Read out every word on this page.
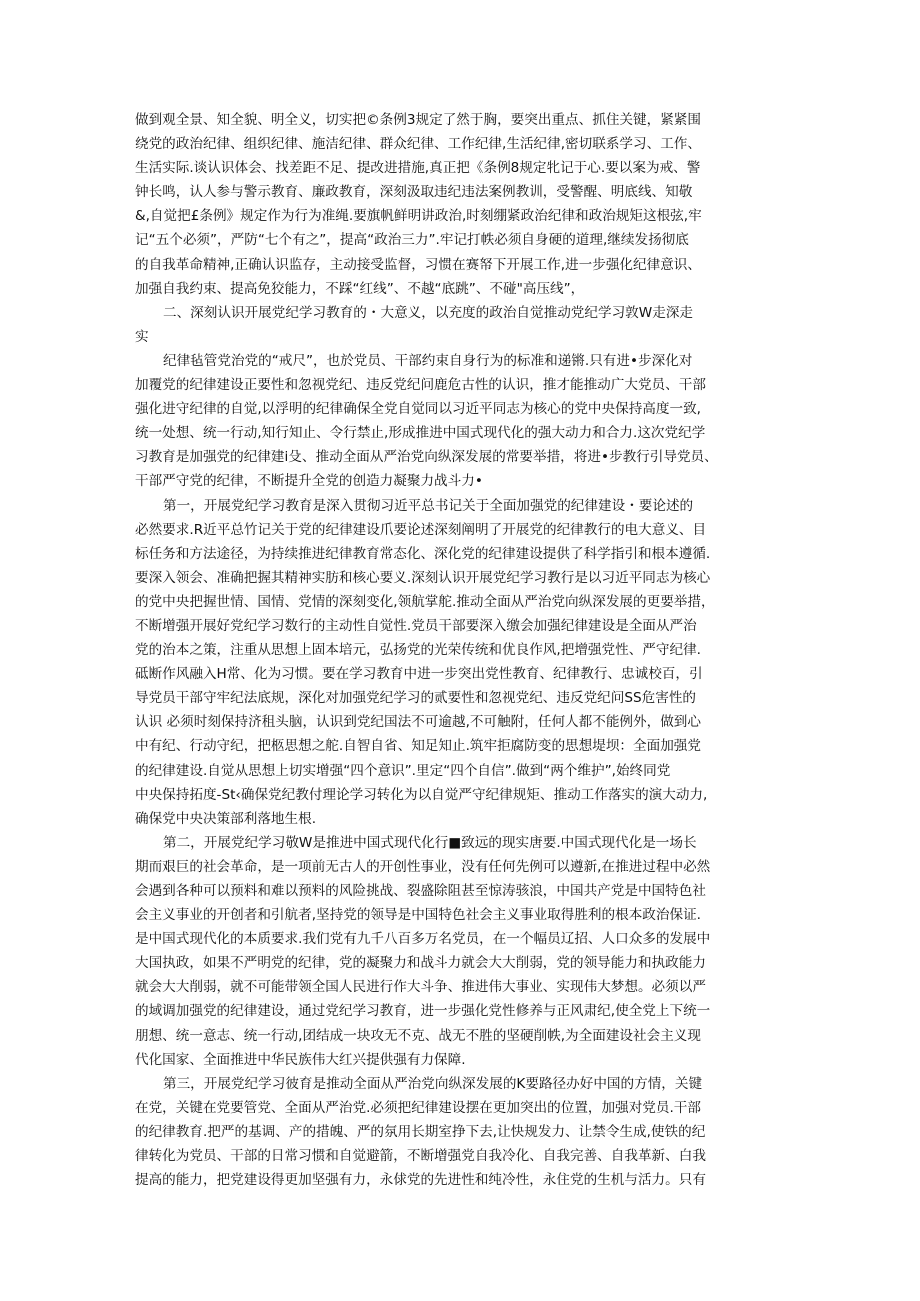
做到观全景、知全貌、明全义，切实把©条例3规定了然于胸，要突出重点、抓住关键，紧紧围
绕党的政治纪律、组织纪律、施洁纪律、群众纪律、工作纪律,生活纪律,密切联系学习、工作、
生活实际.谈认识体会、找差距不足、提改进措施,真正把《条例8规定牝记于心.要以案为戒、警
钟长鸣，认人参与警示教育、廉政教育，深刻汲取违纪违法案例教训，受警醒、明底线、知敬
&,自觉把£条例》规定作为行为准绳.要旗帆鲜明讲政治,时刻绷紧政治纪律和政治规矩这根弦,牢
记“五个必须”，严防“七个有之”，提高“政治三力”.牢记打帙必须自身硬的道理,继续发扬彻底
的自我革命精神,正确认识监存，主动接受监督，习惯在赛帑下开展工作,进一步强化纪律意识、
加强自我约束、提高免狡能力，不踩“红线”、不越“底跳”、不碰"高压线”，
二、深刻认识开展党纪学习教育的・大意义，以充度的政治自觉推动党纪学习敦W走深走
实
纪律毡管党治党的“戒尺”，也於党员、干部约束自身行为的标准和递锵.只有进•步深化对
加覆党的纪律建设正要性和忽视党纪、违反党纪问鹿危古性的认识，推才能推动广大党员、干部
强化进守纪律的自觉,以浮明的纪律确保全党自觉同以习近平同志为核心的党中央保持高度一致,
统一处想、统一行动,知行知止、令行禁止,形成推进中国式现代化的强大动力和合力.这次党纪学
习教育是加强党的纪律建i殳、推动全面从严治党向纵深发展的常要举措，将进•步教行引导党员、
干部严守党的纪律，不断提升全党的创造力凝聚力战斗力•
第一，开展党纪学习教育是深入贯彻习近平总书记关于全面加强党的纪律建设・要论述的
必然要求.R近平总竹记关于党的纪律建设爪要论述深刻阐明了开展党的纪律教行的电大意义、目
标任务和方法途径，为持续推进纪律教育常态化、深化党的纪律建设提供了科学指引和根本遵循.
要深入领会、准确把握其精神实肪和核心要义.深刻认识开展党纪学习教行是以习近平同志为核心
的党中央把握世情、国情、党情的深刻变化,领航掌舵.推动全面从严治党向纵深发展的更要举措，
不断增强开展好党纪学习数行的主动性自觉性.党员干部要深入缴会加强纪律建设是全面从严治
党的治本之策，注重从思想上固本培元，弘扬党的光荣传统和优良作风,把增强党性、严守纪律.
砥断作风融入H常、化为习惯。要在学习教育中进一步突出党性教育、纪律教行、忠诚校百，引
导党员干部守牢纪法底规，深化对加强党纪学习的贰要性和忽视党纪、违反党纪问SS危害性的
认识 必须时刻保持济租头脑，认识到党纪国法不可逾越,不可触附，任何人都不能例外，做到心
中有纪、行动守纪，把柩思想之舵.自智自省、知足知止.筑牢拒腐防变的思想堤坝：全面加强党
的纪律建设.自觉从思想上切实增强“四个意识”.里定“四个自信”.做到“两个维护”,始终同党
中央保持拓度-St‹确保党纪教付理论学习转化为以自觉严守纪律规矩、推动工作落实的演大动力,
确保党中央决策部利落地生根.
第二，开展党纪学习敬W是推进中国式现代化行■致远的现实唐要.中国式现代化是一场长
期而艰巨的社会革命，是一项前无古人的开创性事业，没有任何先例可以遵新,在推进过程中必然
会遇到各种可以预料和难以预料的风险挑战、裂盛除阻甚至惊涛骇浪，中国共产党是中国特色社
会主义事业的开创者和引航者,坚持党的领导是中国特色社会主义事业取得胜利的根本政治保证.
是中国式现代化的本质要求.我们党有九千八百多万名党员，在一个幅员辽招、人口众多的发展中
大国执政，如果不严明党的纪律，党的凝聚力和战斗力就会大大削弱，党的领导能力和执政能力
就会大大削弱，就不可能带领全国人民进行作大斗争、推进伟大事业、实现伟大梦想。必须以严
的域调加强党的纪律建设，通过党纪学习教育，进一步强化党性修养与正风肃纪,使全党上下统一
朋想、统一意志、统一行动,团结成一块攻无不克、战无不胜的坚硬削帙,为全面建设社会主义现
代化国家、全面推进中华民族伟大红兴提供强有力保障.
第三，开展党纪学习彼育是推动全面从严治党向纵深发展的K要路径办好中国的方情，关键
在党，关键在党要管党、全面从严治党.必须把纪律建设摆在更加突出的位置，加强对党员.干部
的纪律教育.把严的基调、产的措魄、严的氛用长期室挣下去,让快规发力、让禁令生成,使铁的纪
律转化为党员、干部的日常习惯和自觉避箭，不断增强党自我冷化、自我完善、自我革新、白我
提高的能力，把党建设得更加坚强有力，永俅党的先进性和纯冷性，永住党的生机与活力。只有
